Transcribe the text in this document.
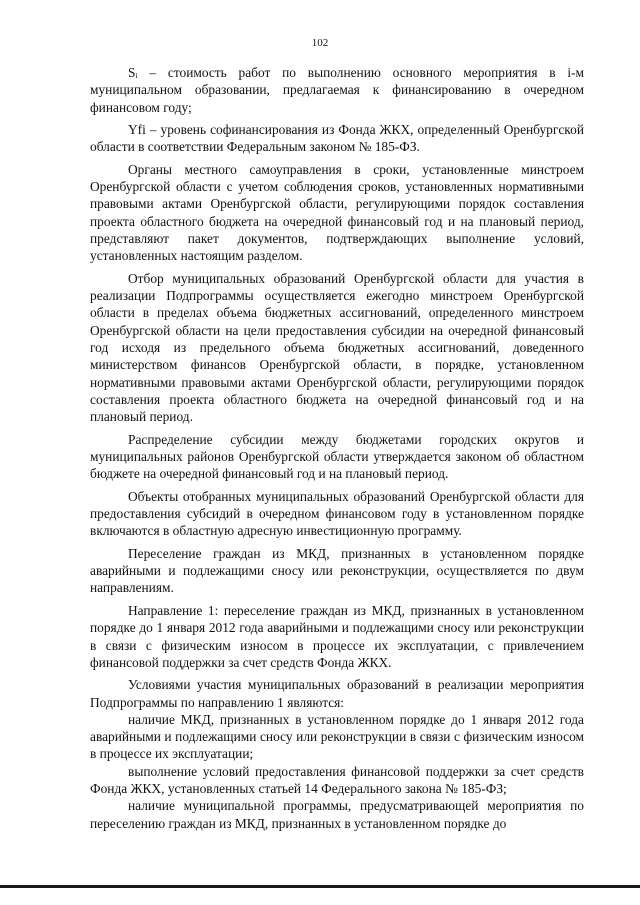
102

Sᵢ – стоимость работ по выполнению основного мероприятия в i-м муниципальном образовании, предлагаемая к финансированию в очередном финансовом году;

Yfi – уровень софинансирования из Фонда ЖКХ, определенный Оренбургской области в соответствии Федеральным законом № 185-ФЗ.

Органы местного самоуправления в сроки, установленные минстроем Оренбургской области с учетом соблюдения сроков, установленных нормативными правовыми актами Оренбургской области, регулирующими порядок составления проекта областного бюджета на очередной финансовый год и на плановый период, представляют пакет документов, подтверждающих выполнение условий, установленных настоящим разделом.

Отбор муниципальных образований Оренбургской области для участия в реализации Подпрограммы осуществляется ежегодно минстроем Оренбургской области в пределах объема бюджетных ассигнований, определенного минстроем Оренбургской области на цели предоставления субсидии на очередной финансовый год исходя из предельного объема бюджетных ассигнований, доведенного министерством финансов Оренбургской области, в порядке, установленном нормативными правовыми актами Оренбургской области, регулирующими порядок составления проекта областного бюджета на очередной финансовый год и на плановый период.

Распределение субсидии между бюджетами городских округов и муниципальных районов Оренбургской области утверждается законом об областном бюджете на очередной финансовый год и на плановый период.

Объекты отобранных муниципальных образований Оренбургской области для предоставления субсидий в очередном финансовом году в установленном порядке включаются в областную адресную инвестиционную программу.

Переселение граждан из МКД, признанных в установленном порядке аварийными и подлежащими сносу или реконструкции, осуществляется по двум направлениям.

Направление 1: переселение граждан из МКД, признанных в установленном порядке до 1 января 2012 года аварийными и подлежащими сносу или реконструкции в связи с физическим износом в процессе их эксплуатации, с привлечением финансовой поддержки за счет средств Фонда ЖКХ.

Условиями участия муниципальных образований в реализации мероприятия Подпрограммы по направлению 1 являются:

наличие МКД, признанных в установленном порядке до 1 января 2012 года аварийными и подлежащими сносу или реконструкции в связи с физическим износом в процессе их эксплуатации;

выполнение условий предоставления финансовой поддержки за счет средств Фонда ЖКХ, установленных статьей 14 Федерального закона № 185-ФЗ;

наличие муниципальной программы, предусматривающей мероприятия по переселению граждан из МКД, признанных в установленном порядке до
